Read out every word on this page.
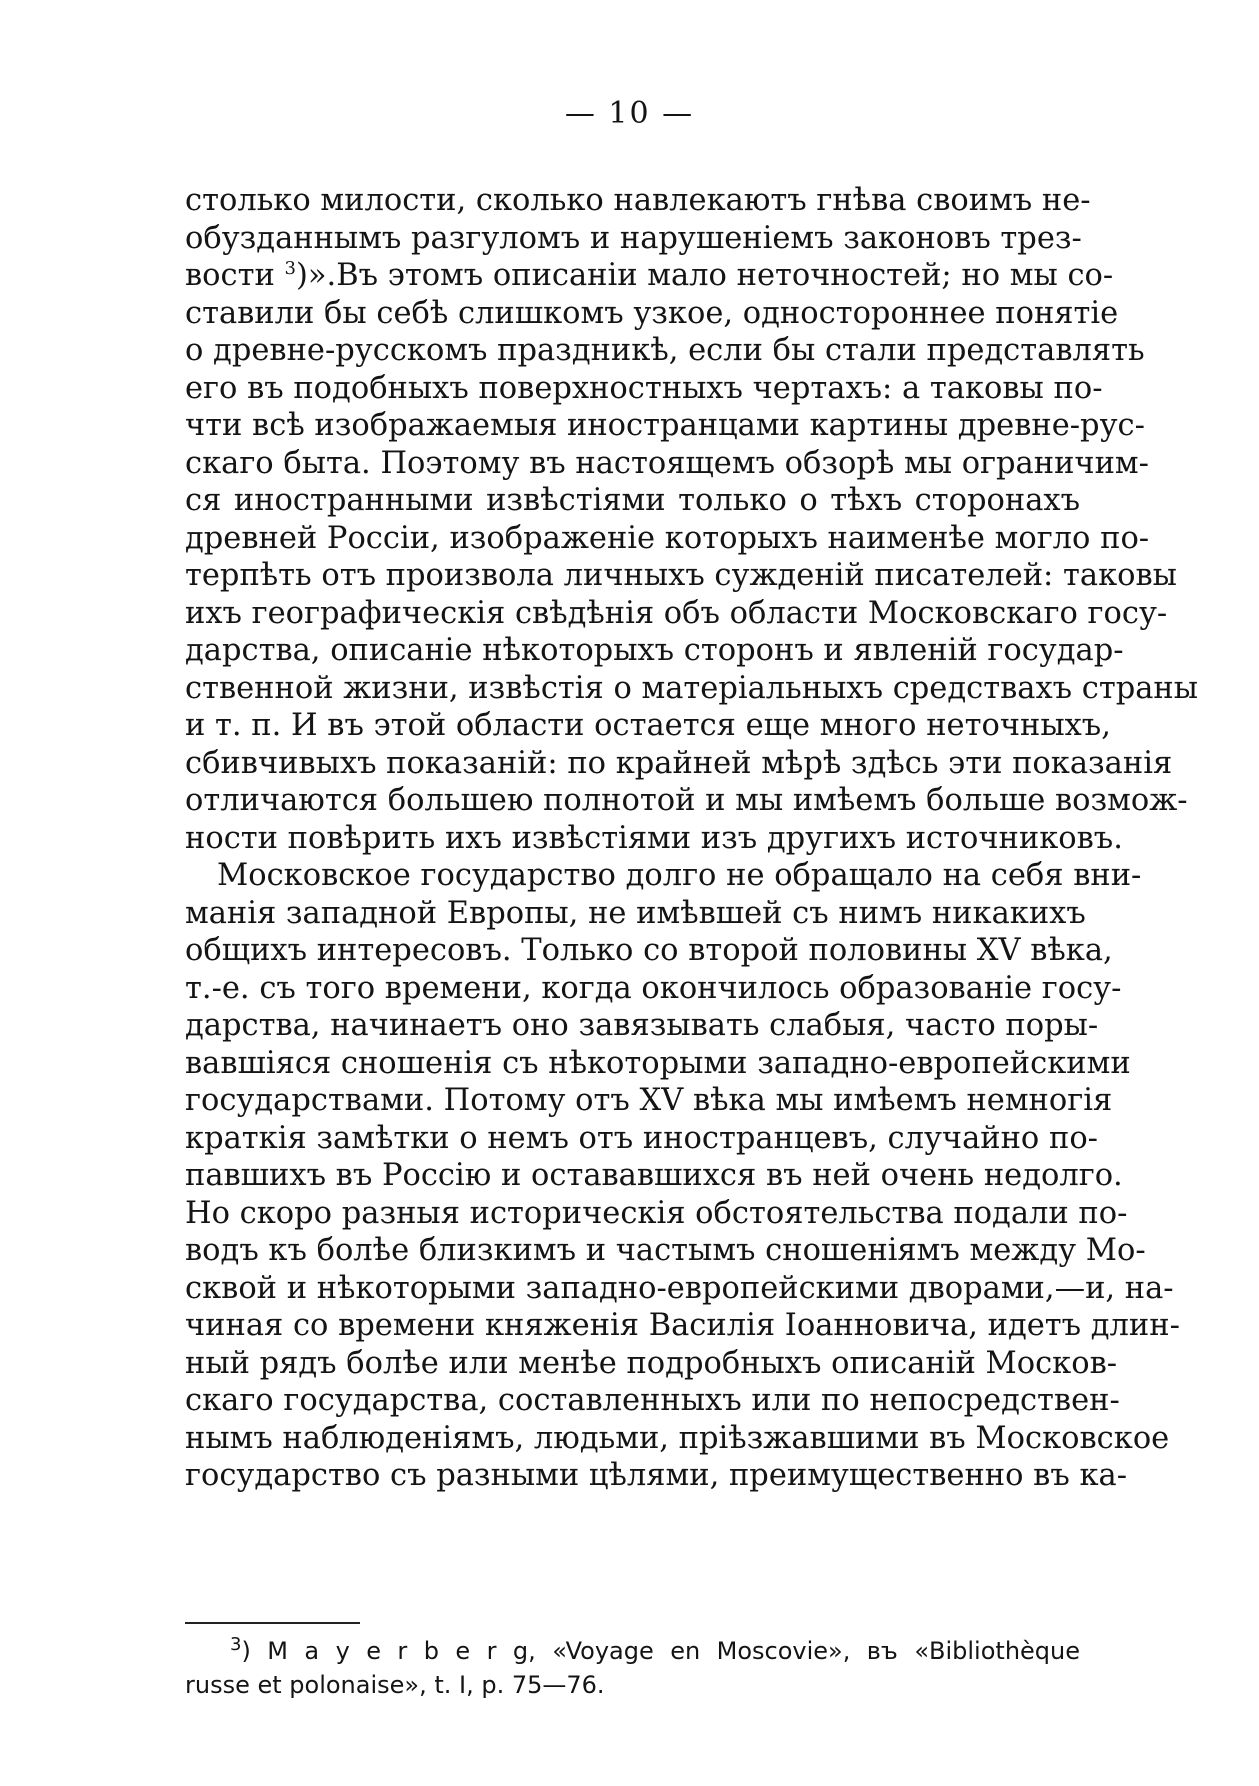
— 10 —
столько милости, сколько навлекаютъ гнѣва своимъ не-
обузданнымъ разгуломъ и нарушенiемъ законовъ трез-
вости $^3$)».Въ этомъ описанiи мало неточностей; но мы со-
ставили бы себѣ слишкомъ узкое, одностороннее понятiе
о древне-русскомъ праздникѣ, если бы стали представлять
его въ подобныхъ поверхностныхъ чертахъ: а таковы по-
чти всѣ изображаемыя иностранцами картины древне-рус-
скаго быта. Поэтому въ настоящемъ обзорѣ мы ограничим-
ся иностранными извѣстiями только о тѣхъ сторонахъ
древней Россiи, изображенiе которыхъ наименѣе могло по-
терпѣть отъ произвола личныхъ сужденiй писателей: таковы
ихъ географическiя свѣдѣнiя объ области Московскаго госу-
дарства, описанiе нѣкоторыхъ сторонъ и явленiй государ-
ственной жизни, извѣстiя о матерiальныхъ средствахъ страны
и т. п. И въ этой области остается еще много неточныхъ,
сбивчивыхъ показанiй: по крайней мѣрѣ здѣсь эти показанiя
отличаются большею полнотой и мы имѣемъ больше возмож-
ности повѣрить ихъ извѣстiями изъ другихъ источниковъ.
Московское государство долго не обращало на себя вни-
манiя западной Европы, не имѣвшей съ нимъ никакихъ
общихъ интересовъ. Только со второй половины XV вѣка,
т.-е. съ того времени, когда окончилось образованiе госу-
дарства, начинаетъ оно завязывать слабыя, часто поры-
вавшiяся сношенiя съ нѣкоторыми западно-европейскими
государствами. Потому отъ XV вѣка мы имѣемъ немногiя
краткiя замѣтки о немъ отъ иностранцевъ, случайно по-
павшихъ въ Россiю и остававшихся въ ней очень недолго.
Но скоро разныя историческiя обстоятельства подали по-
водъ къ болѣе близкимъ и частымъ сношенiямъ между Мо-
сквой и нѣкоторыми западно-европейскими дворами,—и, на-
чиная со времени княженiя Василiя Iоанновича, идетъ длин-
ный рядъ болѣе или менѣе подробныхъ описанiй Москов-
скаго государства, составленныхъ или по непосредствен-
нымъ наблюденiямъ, людьми, прiѣзжавшими въ Московское
государство съ разными цѣлями, преимущественно въ ка-
$^3$) M a y e r b e r g, «Voyage en Moscovie», въ «Bibliothèque
russe et polonaise», t. I, p. 75—76.
